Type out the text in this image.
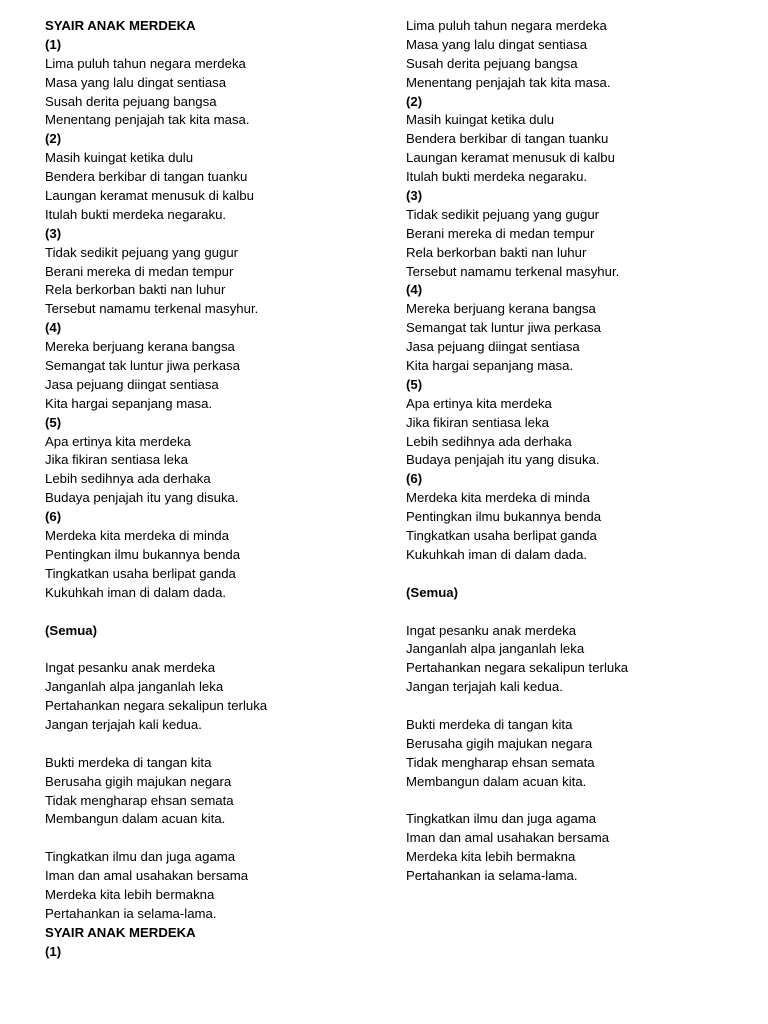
SYAIR ANAK MERDEKA
(1)
Lima puluh tahun negara merdeka
Masa yang lalu dingat sentiasa
Susah derita pejuang bangsa
Menentang penjajah tak kita masa.
(2)
Masih kuingat ketika dulu
Bendera berkibar di tangan tuanku
Laungan keramat menusuk di kalbu
Itulah bukti merdeka negaraku.
(3)
Tidak sedikit pejuang yang gugur
Berani mereka di medan tempur
Rela berkorban bakti nan luhur
Tersebut namamu terkenal masyhur.
(4)
Mereka berjuang kerana bangsa
Semangat tak luntur jiwa perkasa
Jasa pejuang diingat sentiasa
Kita hargai sepanjang masa.
(5)
Apa ertinya kita merdeka
Jika fikiran sentiasa leka
Lebih sedihnya ada derhaka
Budaya penjajah itu yang disuka.
(6)
Merdeka kita merdeka di minda
Pentingkan ilmu bukannya benda
Tingkatkan usaha berlipat ganda
Kukuhkah iman di dalam dada.
(Semua)
Ingat pesanku anak merdeka
Janganlah alpa janganlah leka
Pertahankan negara sekalipun terluka
Jangan terjajah kali kedua.
Bukti merdeka di tangan kita
Berusaha gigih majukan negara
Tidak mengharap ehsan semata
Membangun dalam acuan kita.
Tingkatkan ilmu dan juga agama
Iman dan amal usahakan bersama
Merdeka kita lebih bermakna
Pertahankan ia selama-lama.
SYAIR ANAK MERDEKA
(1)
Lima puluh tahun negara merdeka
Masa yang lalu dingat sentiasa
Susah derita pejuang bangsa
Menentang penjajah tak kita masa.
(2)
Masih kuingat ketika dulu
Bendera berkibar di tangan tuanku
Laungan keramat menusuk di kalbu
Itulah bukti merdeka negaraku.
(3)
Tidak sedikit pejuang yang gugur
Berani mereka di medan tempur
Rela berkorban bakti nan luhur
Tersebut namamu terkenal masyhur.
(4)
Mereka berjuang kerana bangsa
Semangat tak luntur jiwa perkasa
Jasa pejuang diingat sentiasa
Kita hargai sepanjang masa.
(5)
Apa ertinya kita merdeka
Jika fikiran sentiasa leka
Lebih sedihnya ada derhaka
Budaya penjajah itu yang disuka.
(6)
Merdeka kita merdeka di minda
Pentingkan ilmu bukannya benda
Tingkatkan usaha berlipat ganda
Kukuhkah iman di dalam dada.
(Semua)
Ingat pesanku anak merdeka
Janganlah alpa janganlah leka
Pertahankan negara sekalipun terluka
Jangan terjajah kali kedua.
Bukti merdeka di tangan kita
Berusaha gigih majukan negara
Tidak mengharap ehsan semata
Membangun dalam acuan kita.
Tingkatkan ilmu dan juga agama
Iman dan amal usahakan bersama
Merdeka kita lebih bermakna
Pertahankan ia selama-lama.
